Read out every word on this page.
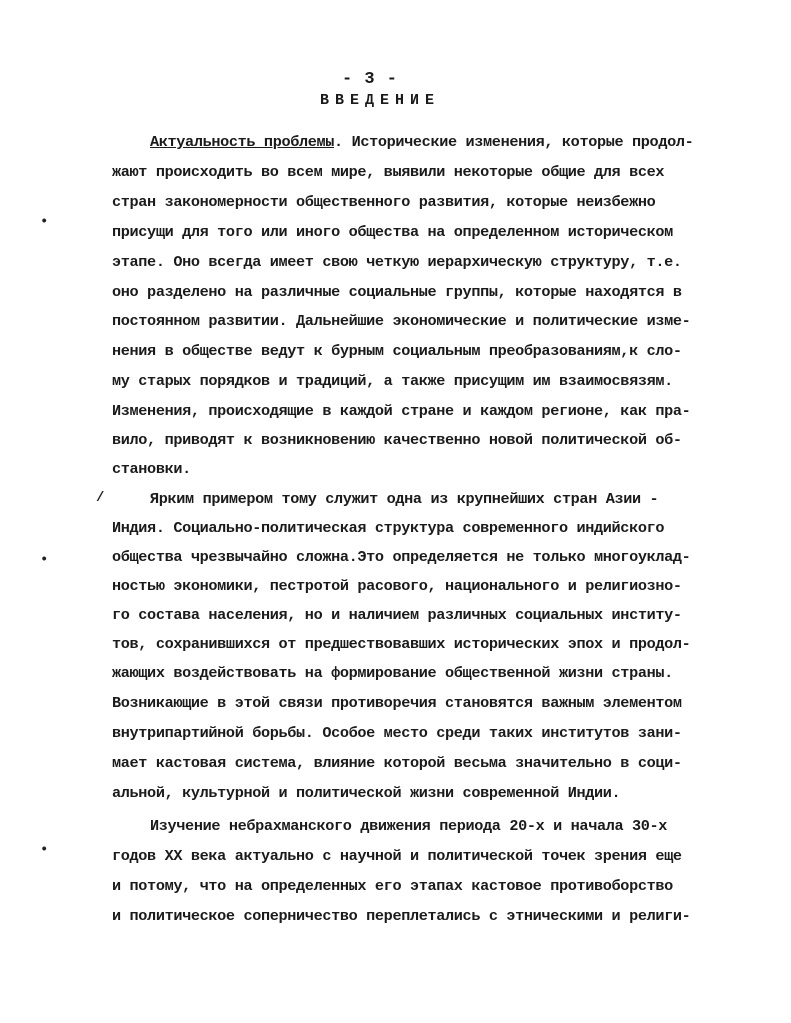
- 3 -
ВВЕДЕНИЕ
•
/
•
•
Актуальность проблемы. Исторические изменения, которые продол-
жают происходить во всем мире, выявили некоторые общие для всех
стран закономерности общественного развития, которые неизбежно
присущи для того или иного общества на определенном историческом
этапе. Оно всегда имеет свою четкую иерархическую структуру, т.е.
оно разделено на различные социальные группы, которые находятся в
постоянном развитии. Дальнейшие экономические и политические изме-
нения в обществе ведут к бурным социальным преобразованиям,к сло-
му старых порядков и традиций, а также присущим им взаимосвязям.
Изменения, происходящие в каждой стране и каждом регионе, как пра-
вило, приводят к возникновению качественно новой политической об-
становки.
Ярким примером тому служит одна из крупнейших стран Азии -
Индия. Социально-политическая структура современного индийского
общества чрезвычайно сложна.Это определяется не только многоуклад-
ностью экономики, пестротой расового, национального и религиозно-
го состава населения, но и наличием различных социальных институ-
тов, сохранившихся от предшествовавших исторических эпох и продол-
жающих воздействовать на формирование общественной жизни страны.
Возникающие в этой связи противоречия становятся важным элементом
внутрипартийной борьбы. Особое место среди таких институтов зани-
мает кастовая система, влияние которой весьма значительно в соци-
альной, культурной и политической жизни современной Индии.
Изучение небрахманского движения периода 20-х и начала 30-х
годов XX века актуально с научной и политической точек зрения еще
и потому, что на определенных его этапах кастовое противоборство
и политическое соперничество переплетались с этническими и религи-
